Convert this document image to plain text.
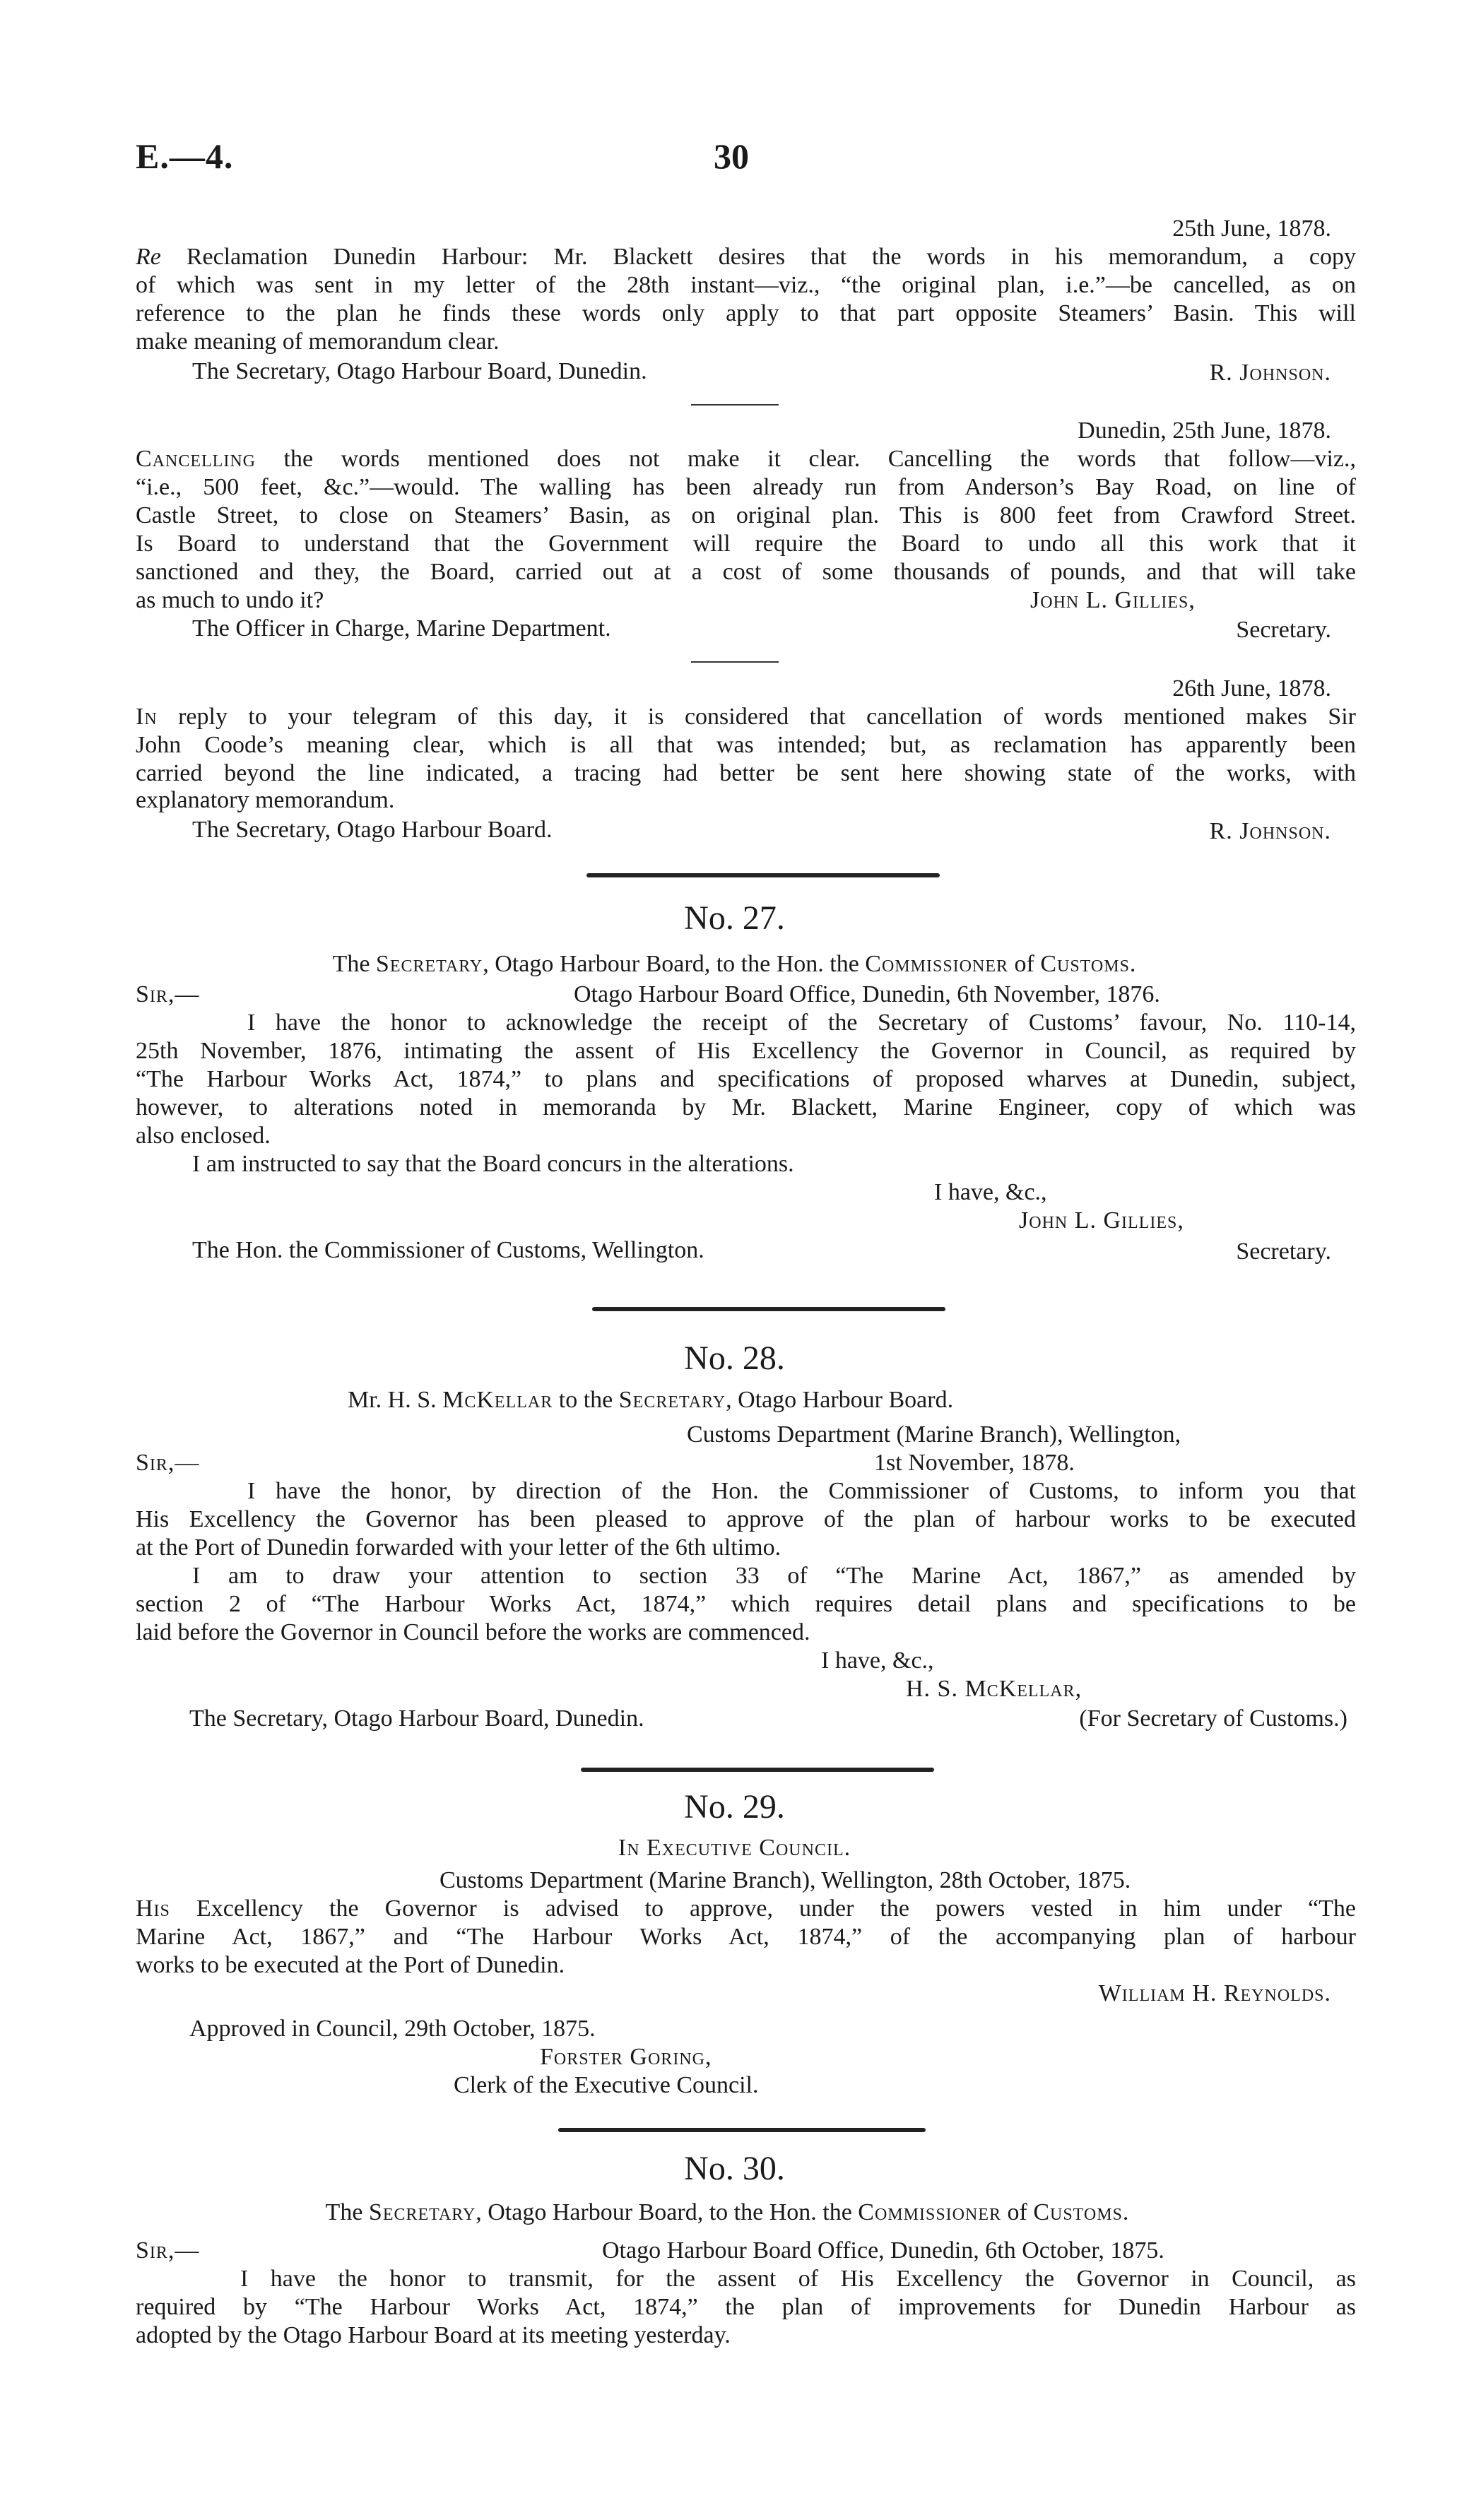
E.—4.	30
25th June, 1878.
Re Reclamation Dunedin Harbour: Mr. Blackett desires that the words in his memorandum, a copy
of which was sent in my letter of the 28th instant—viz., “the original plan, i.e.”—be cancelled, as on
reference to the plan he finds these words only apply to that part opposite Steamers’ Basin. This will
make meaning of memorandum clear.
The Secretary, Otago Harbour Board, Dunedin.	R. Johnson.
Dunedin, 25th June, 1878.
Cancelling the words mentioned does not make it clear. Cancelling the words that follow—viz.,
“i.e., 500 feet, &c.”—would. The walling has been already run from Anderson’s Bay Road, on line of
Castle Street, to close on Steamers’ Basin, as on original plan. This is 800 feet from Crawford Street.
Is Board to understand that the Government will require the Board to undo all this work that it
sanctioned and they, the Board, carried out at a cost of some thousands of pounds, and that will take
as much to undo it?	John L. Gillies,
The Officer in Charge, Marine Department.	Secretary.
26th June, 1878.
In reply to your telegram of this day, it is considered that cancellation of words mentioned makes Sir
John Coode’s meaning clear, which is all that was intended; but, as reclamation has apparently been
carried beyond the line indicated, a tracing had better be sent here showing state of the works, with
explanatory memorandum.
The Secretary, Otago Harbour Board.	R. Johnson.
No. 27.
The Secretary, Otago Harbour Board, to the Hon. the Commissioner of Customs.
Sir,—	Otago Harbour Board Office, Dunedin, 6th November, 1876.
I have the honor to acknowledge the receipt of the Secretary of Customs’ favour, No. 110-14,
25th November, 1876, intimating the assent of His Excellency the Governor in Council, as required by
“The Harbour Works Act, 1874,” to plans and specifications of proposed wharves at Dunedin, subject,
however, to alterations noted in memoranda by Mr. Blackett, Marine Engineer, copy of which was
also enclosed.
I am instructed to say that the Board concurs in the alterations.
I have, &c.,
John L. Gillies,
The Hon. the Commissioner of Customs, Wellington.	Secretary.
No. 28.
Mr. H. S. McKellar to the Secretary, Otago Harbour Board.
Customs Department (Marine Branch), Wellington,
Sir,—	1st November, 1878.
I have the honor, by direction of the Hon. the Commissioner of Customs, to inform you that
His Excellency the Governor has been pleased to approve of the plan of harbour works to be executed
at the Port of Dunedin forwarded with your letter of the 6th ultimo.
I am to draw your attention to section 33 of “The Marine Act, 1867,” as amended by
section 2 of “The Harbour Works Act, 1874,” which requires detail plans and specifications to be
laid before the Governor in Council before the works are commenced.
I have, &c.,
H. S. McKellar,
The Secretary, Otago Harbour Board, Dunedin.	(For Secretary of Customs.)
No. 29.
In Executive Council.
Customs Department (Marine Branch), Wellington, 28th October, 1875.
His Excellency the Governor is advised to approve, under the powers vested in him under “The
Marine Act, 1867,” and “The Harbour Works Act, 1874,” of the accompanying plan of harbour
works to be executed at the Port of Dunedin.
William H. Reynolds.
Approved in Council, 29th October, 1875.
Forster Goring,
Clerk of the Executive Council.
No. 30.
The Secretary, Otago Harbour Board, to the Hon. the Commissioner of Customs.
Sir,—	Otago Harbour Board Office, Dunedin, 6th October, 1875.
I have the honor to transmit, for the assent of His Excellency the Governor in Council, as
required by “The Harbour Works Act, 1874,” the plan of improvements for Dunedin Harbour as
adopted by the Otago Harbour Board at its meeting yesterday.
